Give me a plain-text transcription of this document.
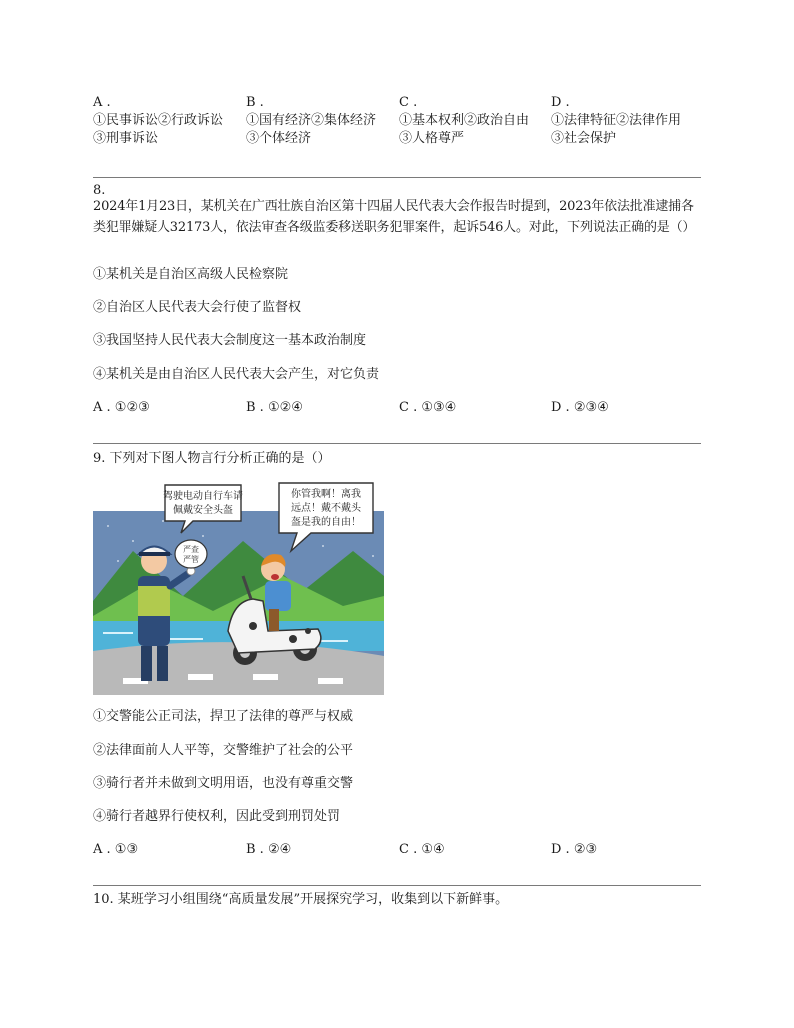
A .
①民事诉讼②行政诉讼
③刑事诉讼
B .
①国有经济②集体经济
③个体经济
C .
①基本权利②政治自由
③人格尊严
D .
①法律特征②法律作用
③社会保护
8.
2024年1月23日，某机关在广西壮族自治区第十四届人民代表大会作报告时提到，2023年依法批准逮捕各类犯罪嫌疑人32173人，依法审查各级监委移送职务犯罪案件，起诉546人。对此，下列说法正确的是（）
①某机关是自治区高级人民检察院
②自治区人民代表大会行使了监督权
③我国坚持人民代表大会制度这一基本政治制度
④某机关是由自治区人民代表大会产生，对它负责
A . ①②③	B . ①②④	C . ①③④	D . ②③④
9. 下列对下图人物言行分析正确的是（）
严查
严管
驾驶电动自行车请
佩戴安全头盔
你管我啊！离我
远点！戴不戴头
盔是我的自由！
①交警能公正司法，捍卫了法律的尊严与权威
②法律面前人人平等，交警维护了社会的公平
③骑行者并未做到文明用语，也没有尊重交警
④骑行者越界行使权利，因此受到刑罚处罚
A . ①③	B . ②④	C . ①④	D . ②③
10. 某班学习小组围绕“高质量发展”开展探究学习，收集到以下新鲜事。
